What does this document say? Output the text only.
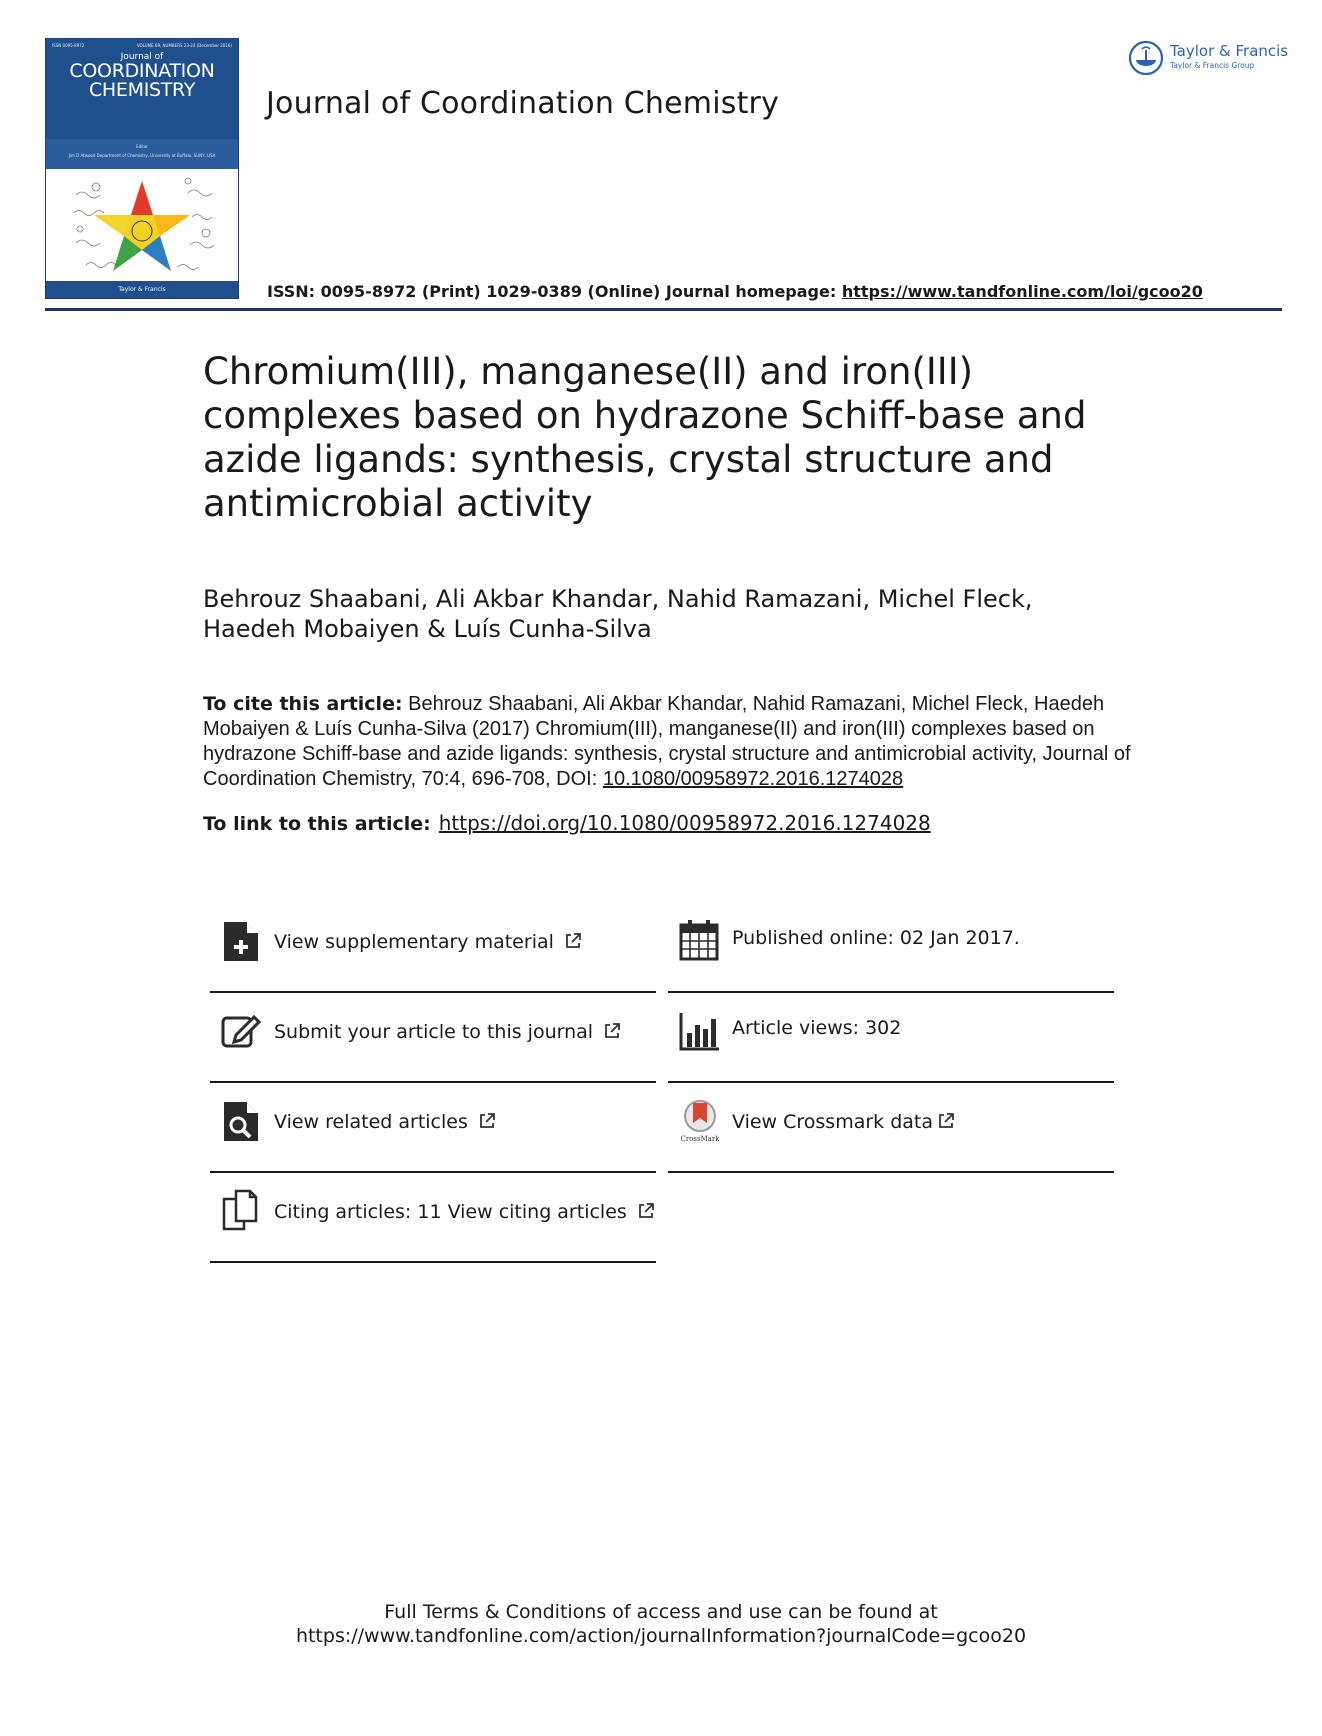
ISSN 0095-8972	VOLUME 69, NUMBERS 23-24 (December 2016)
Journal of
COORDINATION
CHEMISTRY
Editor
Jim D Atwood Department of Chemistry, University at Buffalo, SUNY, USA
Taylor & Francis
Journal of Coordination Chemistry
Taylor & Francis
Taylor & Francis Group
ISSN: 0095-8972 (Print) 1029-0389 (Online) Journal homepage: https://www.tandfonline.com/loi/gcoo20
Chromium(III), manganese(II) and iron(III) complexes based on hydrazone Schiff-base and azide ligands: synthesis, crystal structure and antimicrobial activity
Behrouz Shaabani, Ali Akbar Khandar, Nahid Ramazani, Michel Fleck,
Haedeh Mobaiyen & Luís Cunha-Silva
To cite this article: Behrouz Shaabani, Ali Akbar Khandar, Nahid Ramazani, Michel Fleck, Haedeh Mobaiyen & Luís Cunha-Silva (2017) Chromium(III), manganese(II) and iron(III) complexes based on hydrazone Schiff-base and azide ligands: synthesis, crystal structure and antimicrobial activity, Journal of Coordination Chemistry, 70:4, 696-708, DOI: 10.1080/00958972.2016.1274028
To link to this article: https://doi.org/10.1080/00958972.2016.1274028
View supplementary material
Submit your article to this journal
View related articles
Citing articles: 11 View citing articles
Published online: 02 Jan 2017.
Article views: 302
CrossMark
View Crossmark data
Full Terms & Conditions of access and use can be found at
https://www.tandfonline.com/action/journalInformation?journalCode=gcoo20
